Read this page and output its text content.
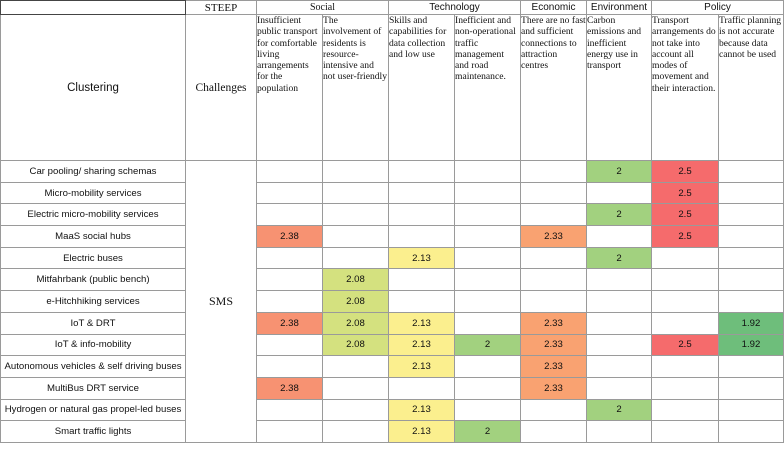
	STEEP	Social		Technology		Economic	Environment	Policy	
Clustering	Challenges	Insufficient public transport for comfortable living arrangements for the population	The involvement of residents is resource-intensive and not user-friendly	Skills and capabilities for data collection and low use	Inefficient and non-operational traffic management and road maintenance.	There are no fast and sufficient connections to attraction centres	Carbon emissions and inefficient energy use in transport	Transport arrangements do not take into account all modes of movement and their interaction.	Traffic planning is not accurate because data cannot be used
Car pooling/ sharing schemas	SMS						2	2.5	
Micro-mobility services								2.5	
Electric micro-mobility services							2	2.5	
MaaS social hubs		2.38				2.33		2.5	
Electric buses				2.13			2		
Mitfahrbank (public bench)			2.08						
e-Hitchhiking services			2.08						
IoT & DRT		2.38	2.08	2.13		2.33			1.92
IoT & info-mobility			2.08	2.13	2	2.33		2.5	1.92
Autonomous vehicles & self driving buses				2.13		2.33			
MultiBus DRT service		2.38				2.33			
Hydrogen or natural gas propel-led buses				2.13			2		
Smart traffic lights				2.13	2				
